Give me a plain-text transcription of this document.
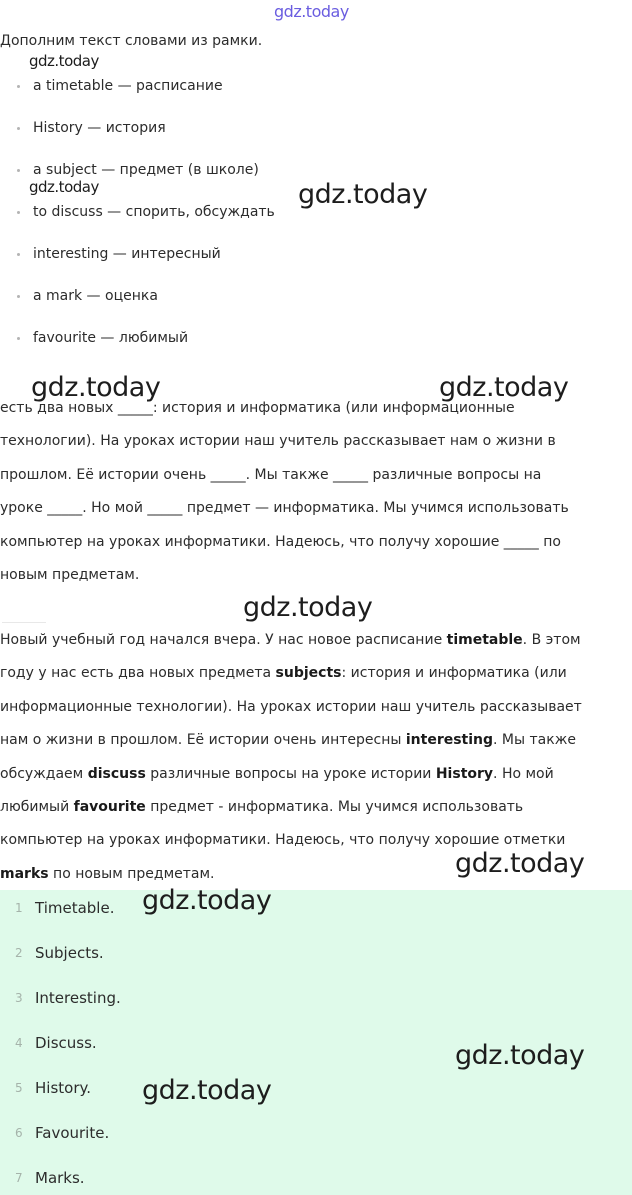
gdz.today

Дополним текст словами из рамки.

a timetable — расписание
History — история
a subject — предмет (в школе)
to discuss — спорить, обсуждать
interesting — интересный
a mark — оценка
favourite — любимый
есть два новых _____: история и информатика (или информационные
технологии). На уроках истории наш учитель рассказывает нам о жизни в
прошлом. Её истории очень _____. Мы также _____ различные вопросы на
уроке _____. Но мой _____ предмет — информатика. Мы учимся использовать
компьютер на уроках информатики. Надеюсь, что получу хорошие _____ по
новым предметам.
Новый учебный год начался вчера. У нас новое расписание timetable. В этом
году у нас есть два новых предмета subjects: история и информатика (или
информационные технологии). На уроках истории наш учитель рассказывает
нам о жизни в прошлом. Её истории очень интересны interesting. Мы также
обсуждаем discuss различные вопросы на уроке истории History. Но мой
любимый favourite предмет - информатика. Мы учимся использовать
компьютер на уроках информатики. Надеюсь, что получу хорошие отметки
marks по новым предметам.
1 Timetable.
2 Subjects.
3 Interesting.
4 Discuss.
5 History.
6 Favourite.
7 Marks.
gdz.today
gdz.today	gdz.today
gdz.today	gdz.today
gdz.today
gdz.today
gdz.today
gdz.today
gdz.today
